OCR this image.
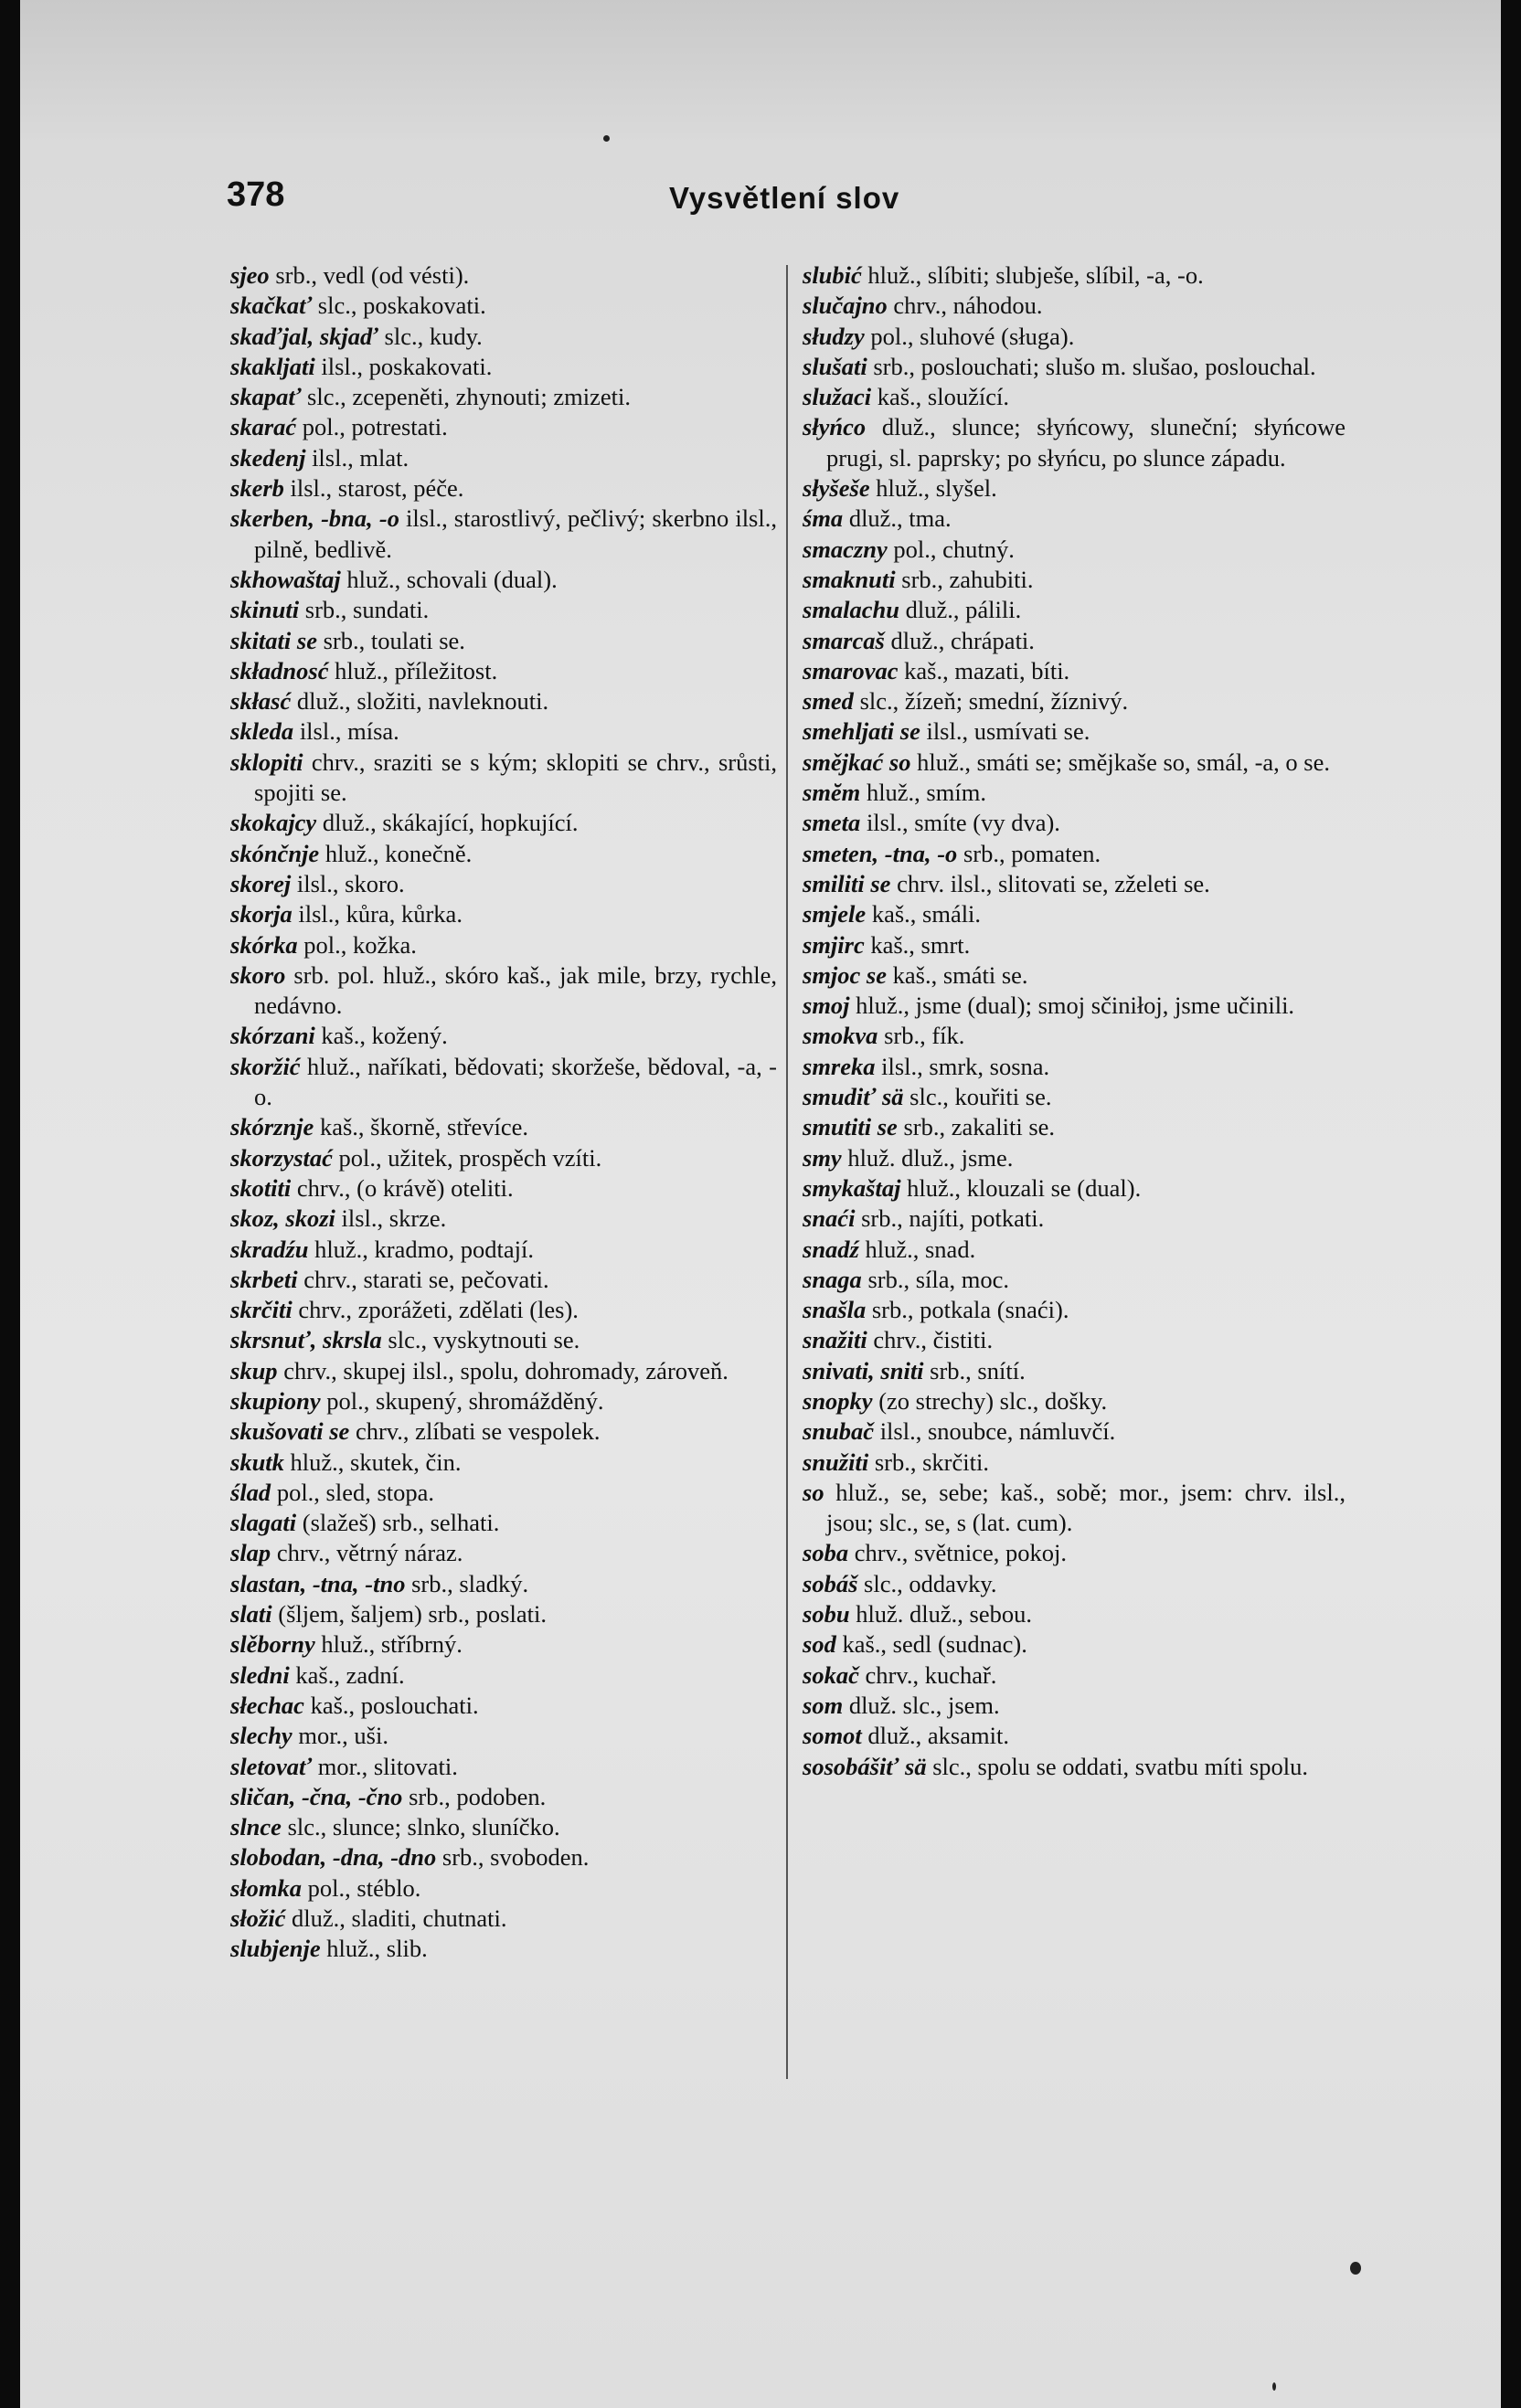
378	Vysvětlení slov

sjeo srb., vedl (od vésti).

skačkať slc., poskakovati.

skaďjal, skjaď slc., kudy.

skakljati ilsl., poskakovati.

skapať slc., zcepeněti, zhynouti; zmizeti.

skarać pol., potrestati.

skedenj ilsl., mlat.

skerb ilsl., starost, péče.

skerben, -bna, -o ilsl., starostlivý, pečlivý; skerbno ilsl., pilně, bedlivě.

skhowaštaj hluž., schovali (dual).

skinuti srb., sundati.

skitati se srb., toulati se.

składnosć hluž., příležitost.

skłasć dluž., složiti, navleknouti.

skleda ilsl., mísa.

sklopiti chrv., sraziti se s kým; sklopiti se chrv., srůsti, spojiti se.

skokajcy dluž., skákající, hopkující.

skónčnje hluž., konečně.

skorej ilsl., skoro.

skorja ilsl., kůra, kůrka.

skórka pol., kožka.

skoro srb. pol. hluž., skóro kaš., jak mile, brzy, rychle, nedávno.

skórzani kaš., kožený.

skoržić hluž., naříkati, bědovati; skoržeše, bědoval, -a, -o.

skórznje kaš., škorně, střevíce.

skorzystać pol., užitek, prospěch vzíti.

skotiti chrv., (o krávě) oteliti.

skoz, skozi ilsl., skrze.

skradźu hluž., kradmo, podtají.

skrbeti chrv., starati se, pečovati.

skrčiti chrv., zporážeti, zdělati (les).

skrsnuť, skrsla slc., vyskytnouti se.

skup chrv., skupej ilsl., spolu, dohromady, zároveň.

skupiony pol., skupený, shromážděný.

skušovati se chrv., zlíbati se vespolek.

skutk hluž., skutek, čin.

ślad pol., sled, stopa.

slagati (slažeš) srb., selhati.

slap chrv., větrný náraz.

slastan, -tna, -tno srb., sladký.

slati (šljem, šaljem) srb., poslati.

slěborny hluž., stříbrný.

sledni kaš., zadní.

słechac kaš., poslouchati.

slechy mor., uši.

sletovať mor., slitovati.

sličan, -čna, -čno srb., podoben.

slnce slc., slunce; slnko, sluníčko.

slobodan, -dna, -dno srb., svoboden.

słomka pol., stéblo.

słožić dluž., sladiti, chutnati.

slubjenje hluž., slib.

slubić hluž., slíbiti; slubješe, slíbil, -a, -o.

slučajno chrv., náhodou.

słudzy pol., sluhové (sługa).

slušati srb., poslouchati; slušo m. slušao, poslouchal.

služaci kaš., sloužící.

słyńco dluž., slunce; słyńcowy, sluneční; słyńcowe prugi, sl. paprsky; po słyńcu, po slunce západu.

słyšeše hluž., slyšel.

śma dluž., tma.

smaczny pol., chutný.

smaknuti srb., zahubiti.

smalachu dluž., pálili.

smarcaš dluž., chrápati.

smarovac kaš., mazati, bíti.

smed slc., žízeň; smední, žíznivý.

smehljati se ilsl., usmívati se.

smějkać so hluž., smáti se; smějkaše so, smál, -a, o se.

smĕm hluž., smím.

smeta ilsl., smíte (vy dva).

smeten, -tna, -o srb., pomaten.

smiliti se chrv. ilsl., slitovati se, zželeti se.

smjele kaš., smáli.

smjirc kaš., smrt.

smjoc se kaš., smáti se.

smoj hluž., jsme (dual); smoj sčiniłoj, jsme učinili.

smokva srb., fík.

smreka ilsl., smrk, sosna.

smudiť sä slc., kouřiti se.

smutiti se srb., zakaliti se.

smy hluž. dluž., jsme.

smykaštaj hluž., klouzali se (dual).

snaći srb., najíti, potkati.

snadź hluž., snad.

snaga srb., síla, moc.

snašla srb., potkala (snaći).

snažiti chrv., čistiti.

snivati, sniti srb., snítí.

snopky (zo strechy) slc., došky.

snubač ilsl., snoubce, námluvčí.

snužiti srb., skrčiti.

so hluž., se, sebe; kaš., sobě; mor., jsem: chrv. ilsl., jsou; slc., se, s (lat. cum).

soba chrv., světnice, pokoj.

sobáš slc., oddavky.

sobu hluž. dluž., sebou.

sod kaš., sedl (sudnac).

sokač chrv., kuchař.

som dluž. slc., jsem.

somot dluž., aksamit.

sosobášiť sä slc., spolu se oddati, svatbu míti spolu.
